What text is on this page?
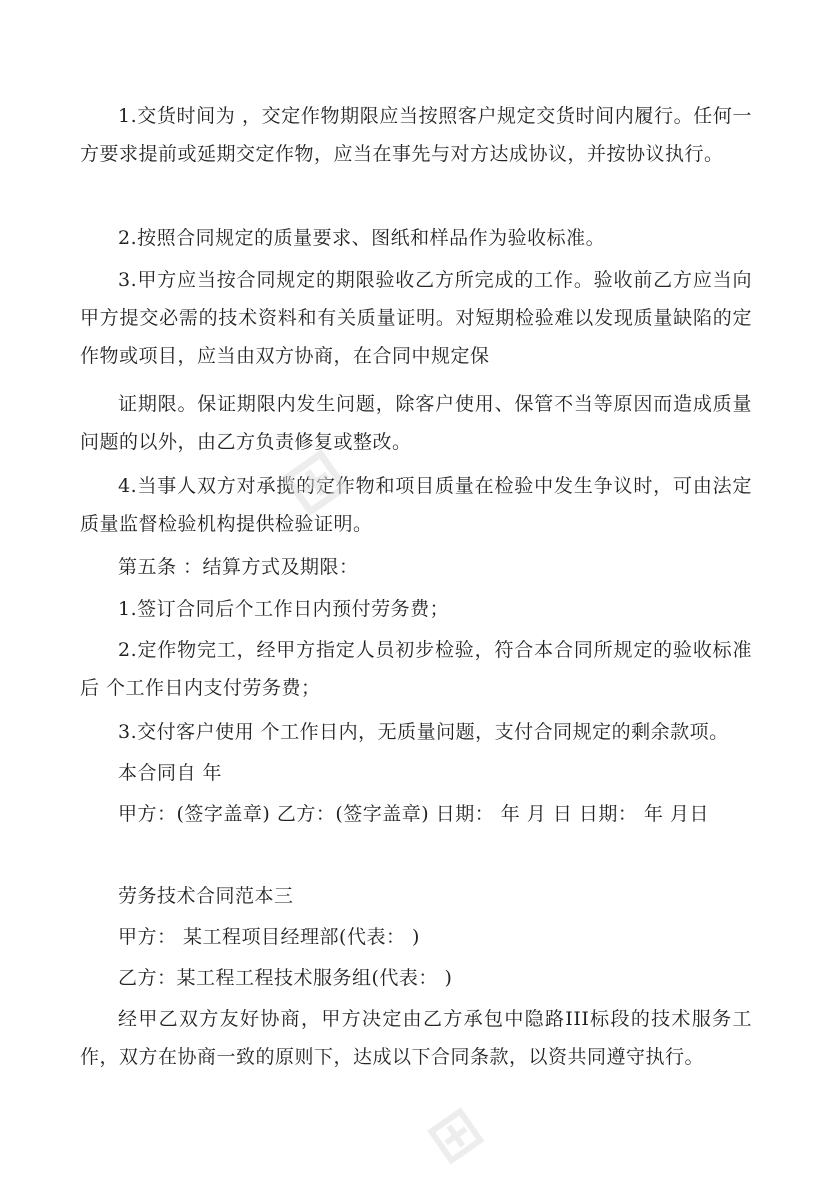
1.交货时间为 ，交定作物期限应当按照客户规定交货时间内履行。任何一方要求提前或延期交定作物，应当在事先与对方达成协议，并按协议执行。

2.按照合同规定的质量要求、图纸和样品作为验收标准。

3.甲方应当按合同规定的期限验收乙方所完成的工作。验收前乙方应当向甲方提交必需的技术资料和有关质量证明。对短期检验难以发现质量缺陷的定作物或项目，应当由双方协商，在合同中规定保

证期限。保证期限内发生问题，除客户使用、保管不当等原因而造成质量问题的以外，由乙方负责修复或整改。

4.当事人双方对承揽的定作物和项目质量在检验中发生争议时，可由法定质量监督检验机构提供检验证明。

第五条 ：结算方式及期限：

1.签订合同后个工作日内预付劳务费；

2.定作物完工，经甲方指定人员初步检验，符合本合同所规定的验收标准后 个工作日内支付劳务费；

3.交付客户使用 个工作日内，无质量问题，支付合同规定的剩余款项。

本合同自 年

甲方：(签字盖章) 乙方：(签字盖章) 日期： 年 月 日 日期： 年 月日

劳务技术合同范本三

甲方： 某工程项目经理部(代表： )

乙方：某工程工程技术服务组(代表： )

经甲乙双方友好协商，甲方决定由乙方承包中隐路III标段的技术服务工作，双方在协商一致的原则下，达成以下合同条款，以资共同遵守执行。

⊞
⊞
